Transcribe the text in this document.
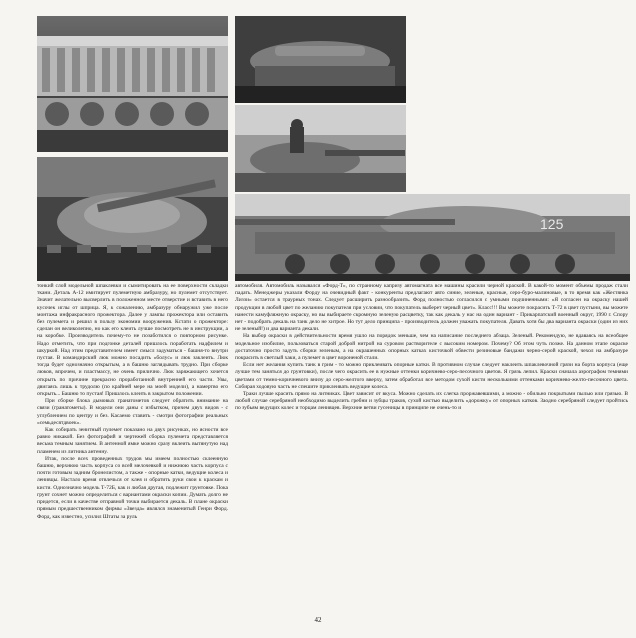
125

тонкий слой модельной шпаклевки и сымитировать на ее поверхности складки ткани. Деталь А-12 имитирует пулеметную амбразуру, но пулемет отсутствует. Значит желательно высверлить в положенном месте отверстие и вставить в него кусочек иглы от шприца. Я, к сожалению, амбразуру обнаружил уже после монтажа инфракрасного прожектора. Далее у лампы прожектора или оставить без пулемета и решил в пользу экономии вооружения. Кстати о прожекторе: сделан он великолепно, но как его клеить лучше посмотреть не в инструкции, а на коробке. Производитель почему-то не позаботился о повторном рисунке. Надо отметить, что при подгонке деталей пришлось поработать надфилем и шкуркой. Над этим представителем имеет смысл задуматься - башня-то внутри пустая. В командирский люк можно посадить «болус» и люк заклеить. Люк тогда будет однозначно открытым, а в башню заглядывать трудно. При сборке люков, впрочем, и пластмассу, не очень прилично. Люк заряжающего хочется открыть по причине прекрасно проработанной внутренней его части. Увы, двигаясь лишь к трудолю (по крайней мере на моей модели), а намертво его открыть... Башню то пустая! Пришлось клеить в закрытом положении.

При сборке блока дымовых гранатометов следует обратить внимание на связи (гранатометы). В модели они даны с избытком, причем двух видов - с углублением по центру и без. Касаемо ставить - смотри фотографии реальных «семьдесятдвоек».

Как собирать зенитный пулемет показано на двух рисунках, но ясности все равно никакой. Без фотографий и чертежей сборка пулемета представляется весьма темным занятием. В антенной ямке можно сразу вклеить вытянутую над пламенем из литника антенну.

Итак, после всех проведенных трудов мы имеем полностью склеенную башню, верхнюю часть корпуса со всей мелочевкой и нижнюю часть корпуса с почти готовым задним бронелистом, а также - опорные катки, ведущие колеса и ленивцы. Настало время отвлечься от клея и обратить руки свои к краскам и кисти. Однозначно модель Т-72Б, как и любая другая, подлежит грунтовке. Пока грунт сохнет можно определиться с вариантами окраски копии. Думать долго не придется, если в качестве отправной точки выбирается декаль. В плане окраски прямым предшественником фирмы «Звезда» являлся знаменитый Генри Форд. Форд, как известно, усилил Штаты за руль

автомобиля. Автомобиль назывался «Форд-Т», по странному капризу автомагната все машины красили черной краской. В какой-то момент объемы продаж стали падать. Менеджеры указали Форду на очевидный факт - конкуренты предлагают авто синие, зеленые, красные, серо-буро-малиновые, в то время как «Жестянка Лиззи» остается в траурных тонах. Следует расширить разнообразить. Форд полностью согласился с умными подчиненными: «Я согласен на окраску нашей продукции в любой цвет по желанию покупателя при условии, что покупатель выберет черный цвет». Класс!!! Вы можете покрасить Т-72 в цвет пустыни, вы можете нанести камуфляжную окраску, но вы выбираете скромную зеленую расцветку, так как декаль у нас на один вариант - Прикарпатский военный округ, 1990 г. Спору нет - подобрать декаль на танк дело не хитрое. Но тут дело принципа - производитель должен уважать покупателя. Давать хотя бы два варианта окраски (один из них не зеленый!) и два варианта декали.

На выбор окраски в действительности время ушло на порядок меньше, чем на написание последнего абзаца. Зеленый. Рекомендую, не вдаваясь на всеобщее модельное изобилие, пользоваться старой доброй нитрой на суровом растворителе с высоким номером. Почему? Об этом чуть позже. На данном этапе окраске достаточно просто задуть сборки зеленым, а на окрашенных опорных катках кисточкой обвести резиновые бандажи черно-серой краской, чехол на амбразуре покрасить в светлый хаки, а пулемет в цвет вороненой стали.

Если нет желания купить танк в грим - то можно приклеивать опорные катки. В противном случае следует наклеить шпаклевочной грязи на борта корпуса (еще лучше тем заняться до грунтовки), после чего окрасить ее в нужные оттенки коричнево-серо-песочного цветов. Я грязь лепил. Краски сначала аэрографом темнями цветами от темно-коричневого внизу до серо-желтого вверху, затем обработал все методом сухой кисти несколькими оттенками коричнево-желто-песочного цвета. Собирая ходовую часть не спешите приклеивать ведущие колеса.

Траки лучше красить прямо на литниках. Цвет зависит от вкуса. Можно сделать их слегка проржавевшими, а можно - обильно покрытыми пылью или грязью. В любой случае серебряной необходимо выделить гребни и зубцы траков, сухой кистью выделить «дорожку» от опорных катков. Заодно серебряной следует пройтись по зубьям ведущих колес и торцам ленивцев. Верхние ветви гусеницы в принципе не очень-то и

42
